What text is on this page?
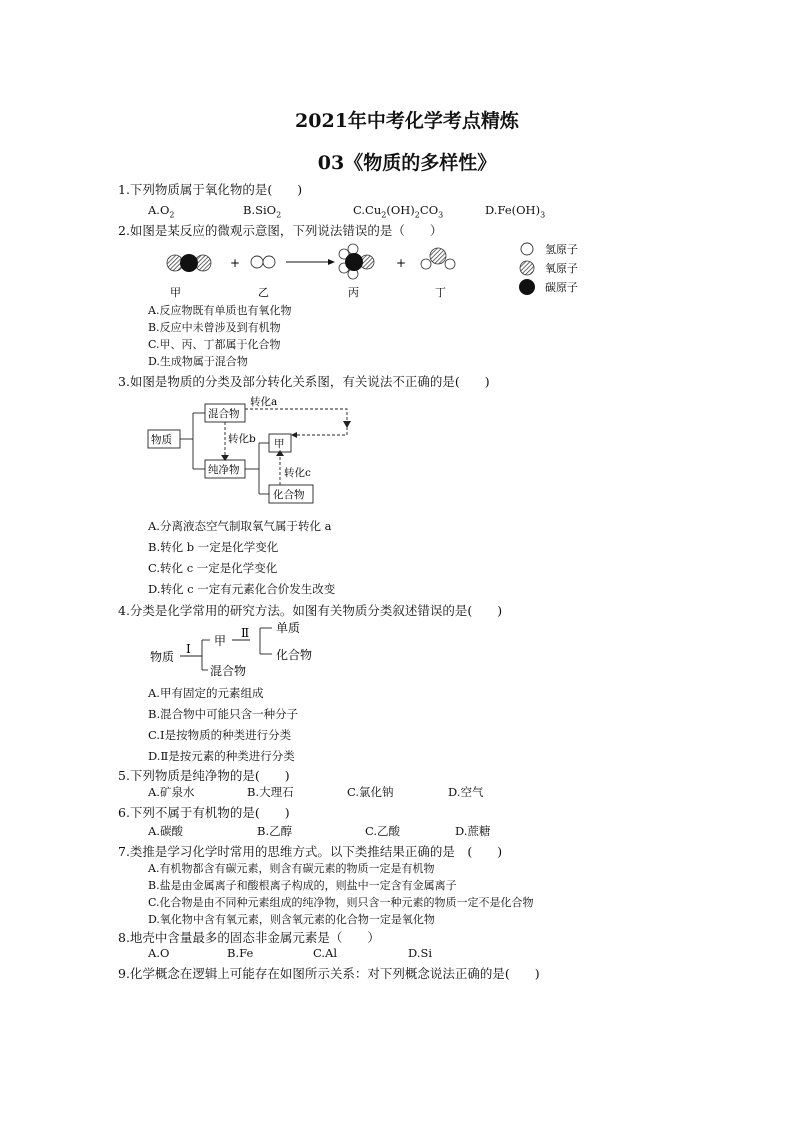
2021年中考化学考点精炼
03《物质的多样性》
1.下列物质属于氧化物的是(　　)
$A.O_2$	B.SiO$_2$	$C.Cu_2(OH)_2CO_3$	$D.Fe(OH)_3$
2.如图是某反应的微观示意图，下列说法错误的是（　　）
+	+
甲	乙	丙	丁
氢原子
氧原子
碳原子
A.反应物既有单质也有氧化物
B.反应中未曾涉及到有机物
C.甲、丙、丁都属于化合物
D.生成物属于混合物
3.如图是物质的分类及部分转化关系图，有关说法不正确的是(　　)
物质
混合物
纯净物
甲
化合物
转化a
转化b
转化c
A.分离液态空气制取氧气属于转化 a
B.转化 b 一定是化学变化
C.转化 c 一定是化学变化
D.转化 c 一定有元素化合价发生改变
4.分类是化学常用的研究方法。如图有关物质分类叙述错误的是(　　)
物质
Ⅰ
甲
Ⅱ 单质
化合物
混合物
A.甲有固定的元素组成
B.混合物中可能只含一种分子
C.Ⅰ是按物质的种类进行分类
D.Ⅱ是按元素的种类进行分类
5.下列物质是纯净物的是(　　)
A.矿泉水	B.大理石	C.氯化钠	D.空气
6.下列不属于有机物的是(　　)
A.碳酸	B.乙醇	C.乙酸	D.蔗糖
7.类推是学习化学时常用的思维方式。以下类推结果正确的是　(　　)
A.有机物都含有碳元素，则含有碳元素的物质一定是有机物
B.盐是由金属离子和酸根离子构成的，则盐中一定含有金属离子
C.化合物是由不同种元素组成的纯净物，则只含一种元素的物质一定不是化合物
D.氧化物中含有氧元素，则含氧元素的化合物一定是氧化物
8.地壳中含量最多的固态非金属元素是（　　）
A.O	B.Fe	C.Al	D.Si
9.化学概念在逻辑上可能存在如图所示关系：对下列概念说法正确的是(　　)
